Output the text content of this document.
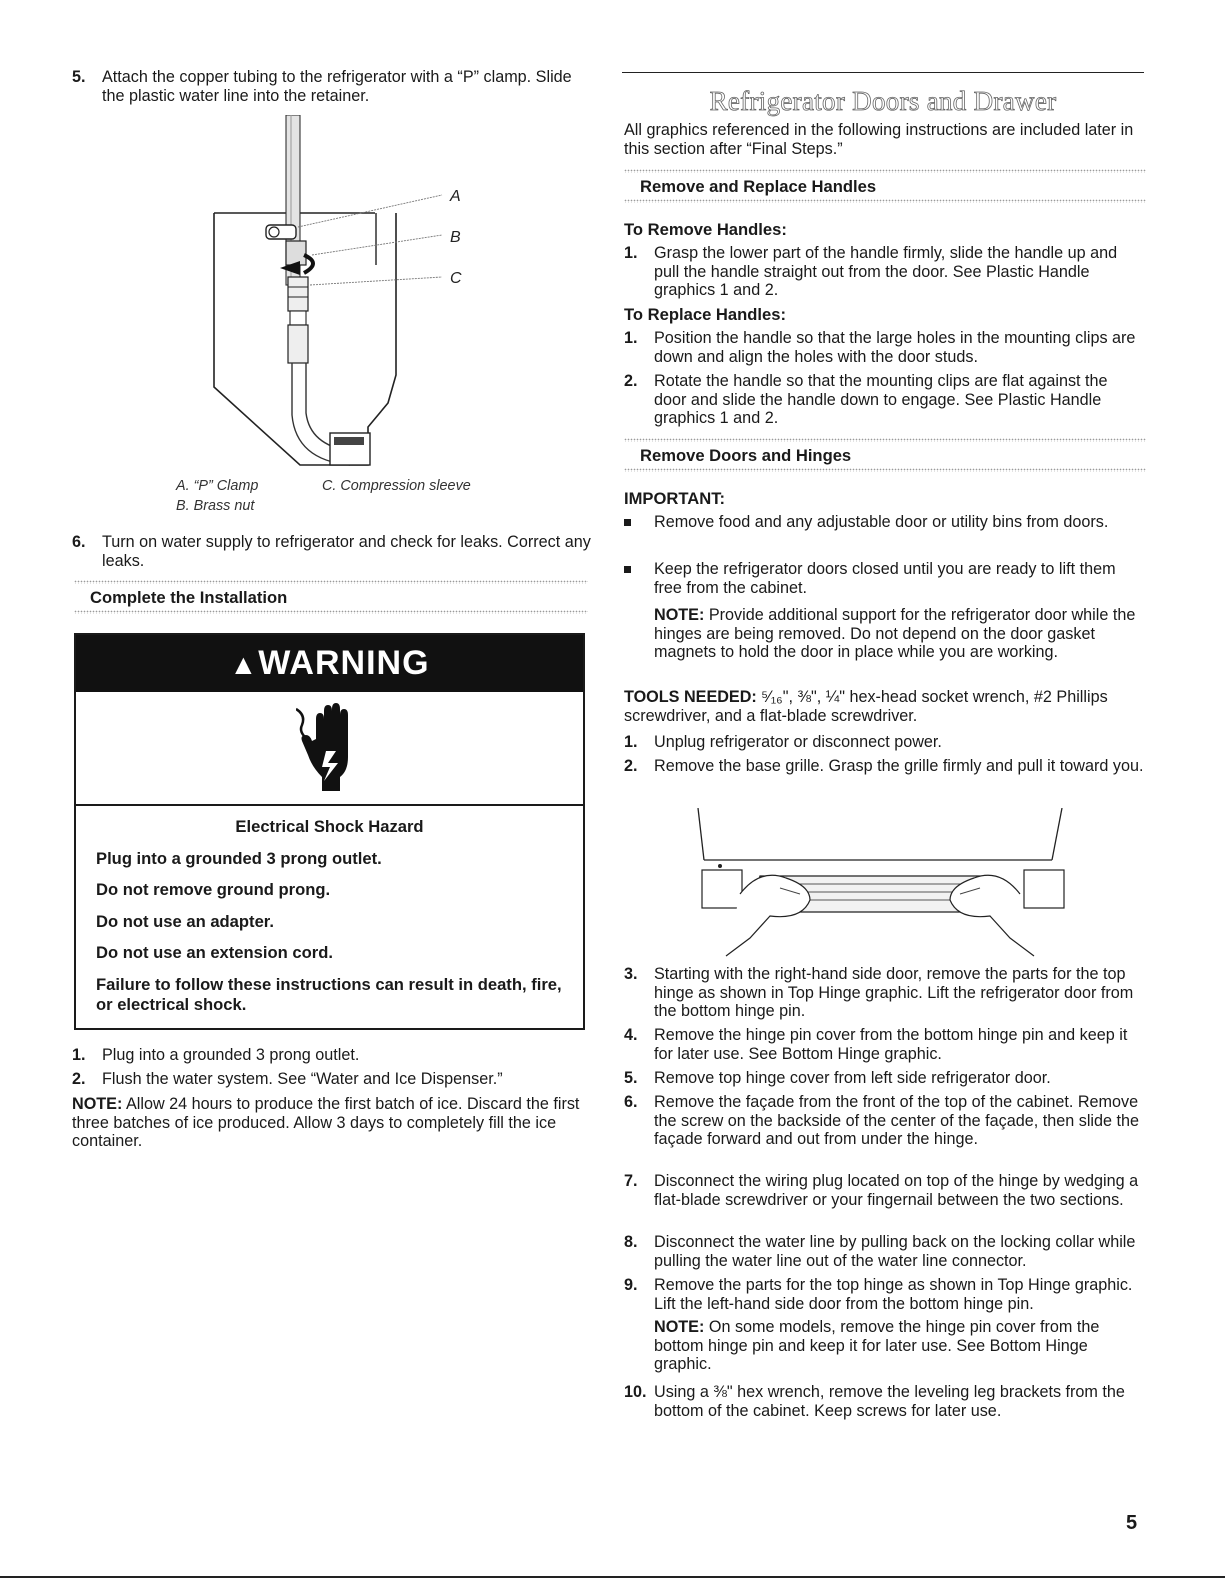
5.	Attach the copper tubing to the refrigerator with a “P” clamp. Slide the plastic water line into the retainer.
A
B
C
A. “P” Clamp
B. Brass nut
C. Compression sleeve
6.	Turn on water supply to refrigerator and check for leaks. Correct any leaks.
Complete the Installation
▲WARNING
Electrical Shock Hazard
Plug into a grounded 3 prong outlet.
Do not remove ground prong.
Do not use an adapter.
Do not use an extension cord.
Failure to follow these instructions can result in death, fire, or electrical shock.
1.	Plug into a grounded 3 prong outlet.
2.	Flush the water system. See “Water and Ice Dispenser.”

NOTE: Allow 24 hours to produce the first batch of ice. Discard the first three batches of ice produced. Allow 3 days to completely fill the ice container.

Refrigerator Doors and Drawer

All graphics referenced in the following instructions are included later in this section after “Final Steps.”

Remove and Replace Handles
To Remove Handles:
1.	Grasp the lower part of the handle firmly, slide the handle up and pull the handle straight out from the door. See Plastic Handle graphics 1 and 2.
To Replace Handles:
1.	Position the handle so that the large holes in the mounting clips are down and align the holes with the door studs.
2.	Rotate the handle so that the mounting clips are flat against the door and slide the handle down to engage. See Plastic Handle graphics 1 and 2.
Remove Doors and Hinges
IMPORTANT:
Remove food and any adjustable door or utility bins from doors.
Keep the refrigerator doors closed until you are ready to lift them free from the cabinet.

NOTE: Provide additional support for the refrigerator door while the hinges are being removed. Do not depend on the door gasket magnets to hold the door in place while you are working.

TOOLS NEEDED: ⁵⁄₁₆", ⅜", ¼" hex-head socket wrench, #2 Phillips screwdriver, and a flat-blade screwdriver.

1.	Unplug refrigerator or disconnect power.
2.	Remove the base grille. Grasp the grille firmly and pull it toward you.
3.	Starting with the right-hand side door, remove the parts for the top hinge as shown in Top Hinge graphic. Lift the refrigerator door from the bottom hinge pin.
4.	Remove the hinge pin cover from the bottom hinge pin and keep it for later use. See Bottom Hinge graphic.
5.	Remove top hinge cover from left side refrigerator door.
6.	Remove the façade from the front of the top of the cabinet. Remove the screw on the backside of the center of the façade, then slide the façade forward and out from under the hinge.
7.	Disconnect the wiring plug located on top of the hinge by wedging a flat-blade screwdriver or your fingernail between the two sections.
8.	Disconnect the water line by pulling back on the locking collar while pulling the water line out of the water line connector.
9.	Remove the parts for the top hinge as shown in Top Hinge graphic. Lift the left-hand side door from the bottom hinge pin.

NOTE: On some models, remove the hinge pin cover from the bottom hinge pin and keep it for later use. See Bottom Hinge graphic.

10. Using a ⅜" hex wrench, remove the leveling leg brackets from the bottom of the cabinet. Keep screws for later use.
5
